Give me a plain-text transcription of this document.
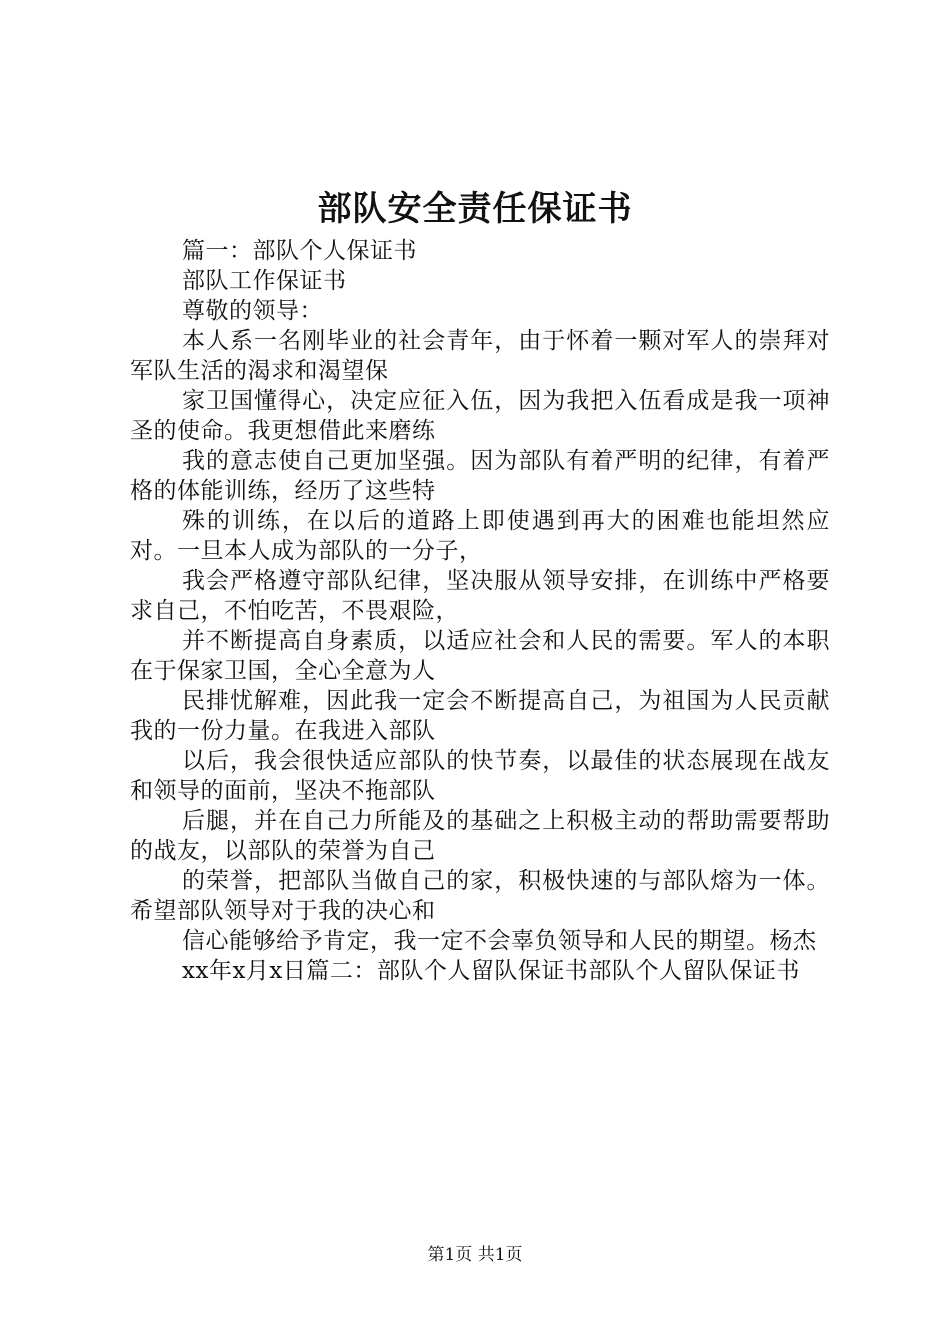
部队安全责任保证书

篇一：部队个人保证书

部队工作保证书

尊敬的领导：

本人系一名刚毕业的社会青年，由于怀着一颗对军人的崇拜对军队生活的渴求和渴望保

家卫国懂得心，决定应征入伍，因为我把入伍看成是我一项神圣的使命。我更想借此来磨练

我的意志使自己更加坚强。因为部队有着严明的纪律，有着严格的体能训练，经历了这些特

殊的训练，在以后的道路上即使遇到再大的困难也能坦然应对。一旦本人成为部队的一分子，

我会严格遵守部队纪律，坚决服从领导安排，在训练中严格要求自己，不怕吃苦，不畏艰险，

并不断提高自身素质，以适应社会和人民的需要。军人的本职在于保家卫国，全心全意为人

民排忧解难，因此我一定会不断提高自己，为祖国为人民贡献我的一份力量。在我进入部队

以后，我会很快适应部队的快节奏，以最佳的状态展现在战友和领导的面前，坚决不拖部队

后腿，并在自己力所能及的基础之上积极主动的帮助需要帮助的战友，以部队的荣誉为自己

的荣誉，把部队当做自己的家，积极快速的与部队熔为一体。希望部队领导对于我的决心和

信心能够给予肯定，我一定不会辜负领导和人民的期望。杨杰

xx年x月x日篇二：部队个人留队保证书部队个人留队保证书

第1页 共1页
